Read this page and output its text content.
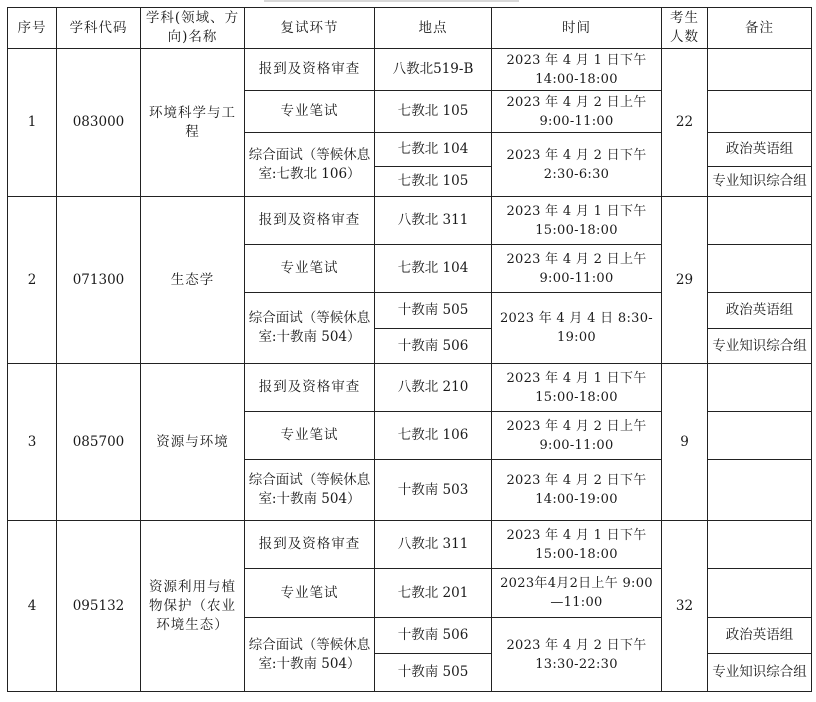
序号	学科代码	学科(领域、方向)名称	复试环节	地点	时间	考生人数	备注
1	083000	环境科学与工程	报到及资格审查	八教北519-B	2023 年 4 月 1 日下午 14:00-18:00	22	
			专业笔试	七教北 105	2023 年 4 月 2 日上午 9:00-11:00		
			综合面试（等候休息室:七教北 106）	七教北 104	2023 年 4 月 2 日下午 2:30-6:30		政治英语组
				七教北 105			专业知识综合组
2	071300	生态学	报到及资格审查	八教北 311	2023 年 4 月 1 日下午 15:00-18:00	29	
			专业笔试	七教北 104	2023 年 4 月 2 日上午 9:00-11:00		
			综合面试（等候休息室:十教南 504）	十教南 505	2023 年 4 月 4 日 8:30-19:00		政治英语组
				十教南 506			专业知识综合组
3	085700	资源与环境	报到及资格审查	八教北 210	2023 年 4 月 1 日下午 15:00-18:00	9	
			专业笔试	七教北 106	2023 年 4 月 2 日上午 9:00-11:00		
			综合面试（等候休息室:十教南 504）	十教南 503	2023 年 4 月 2 日下午 14:00-19:00		
4	095132	资源利用与植物保护（农业环境生态）	报到及资格审查	八教北 311	2023 年 4 月 1 日下午 15:00-18:00	32	
			专业笔试	七教北 201	2023年4月2日上午 9:00—11:00		
			综合面试（等候休息室:十教南 504）	十教南 506	2023 年 4 月 2 日下午 13:30-22:30		政治英语组
				十教南 505			专业知识综合组
